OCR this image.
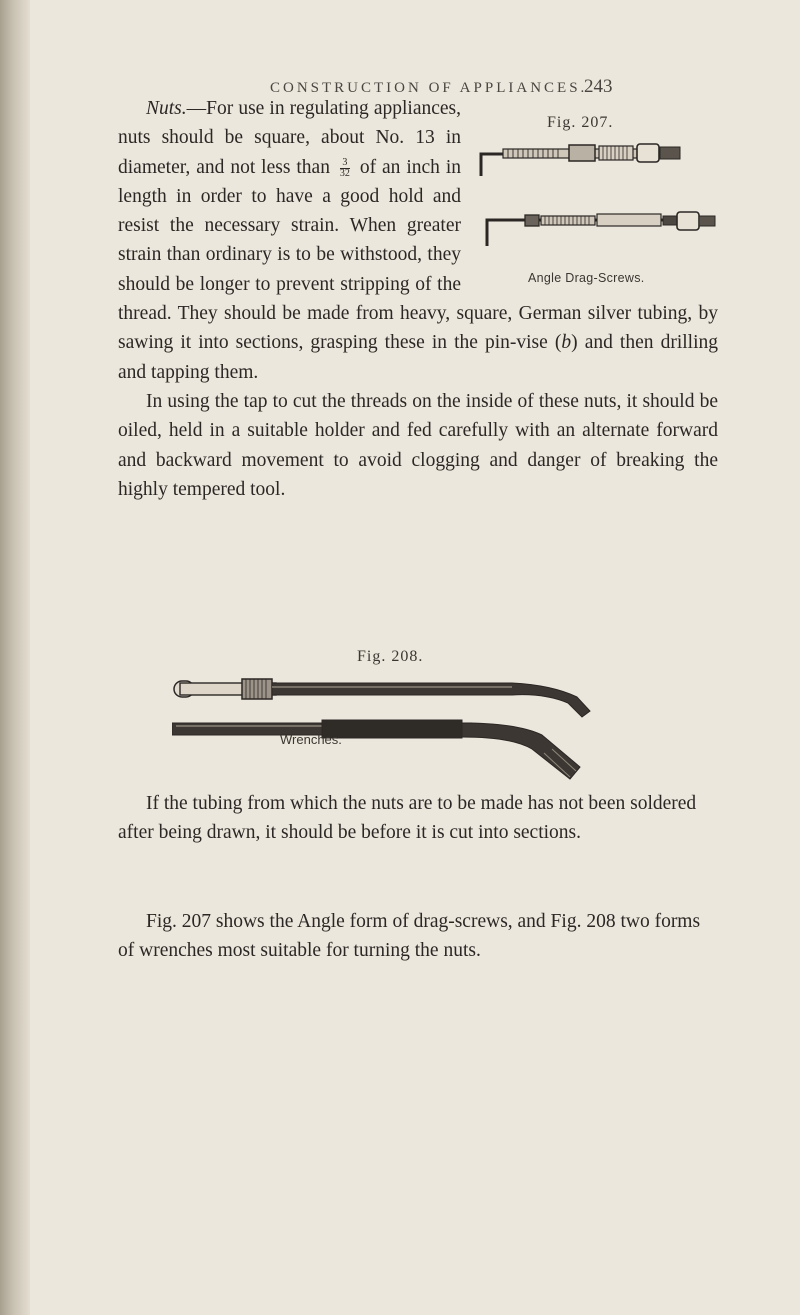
CONSTRUCTION OF APPLIANCES.
243
Fig. 207.
Angle Drag-Screws.
Nuts.—For use in regulating appliances, nuts should be square, about No. 13 in diameter, and not less than $\frac{3}{32}$ of an inch in length in order to have a good hold and resist the necessary strain. When greater strain than ordinary is to be withstood, they should be longer to prevent stripping of the thread. They should be made from heavy, square, German silver tubing, by sawing it into sections, grasping these in the pin-vise (b) and then drilling and tapping them.
In using the tap to cut the threads on the inside of these nuts, it should be oiled, held in a suitable holder and fed carefully with an alternate forward and backward movement to avoid clogging and danger of breaking the highly tempered tool.
Fig. 208.
Wrenches.

If the tubing from which the nuts are to be made has not been soldered after being drawn, it should be before it is cut into sections.

Fig. 207 shows the Angle form of drag-screws, and Fig. 208 two forms of wrenches most suitable for turning the nuts.
